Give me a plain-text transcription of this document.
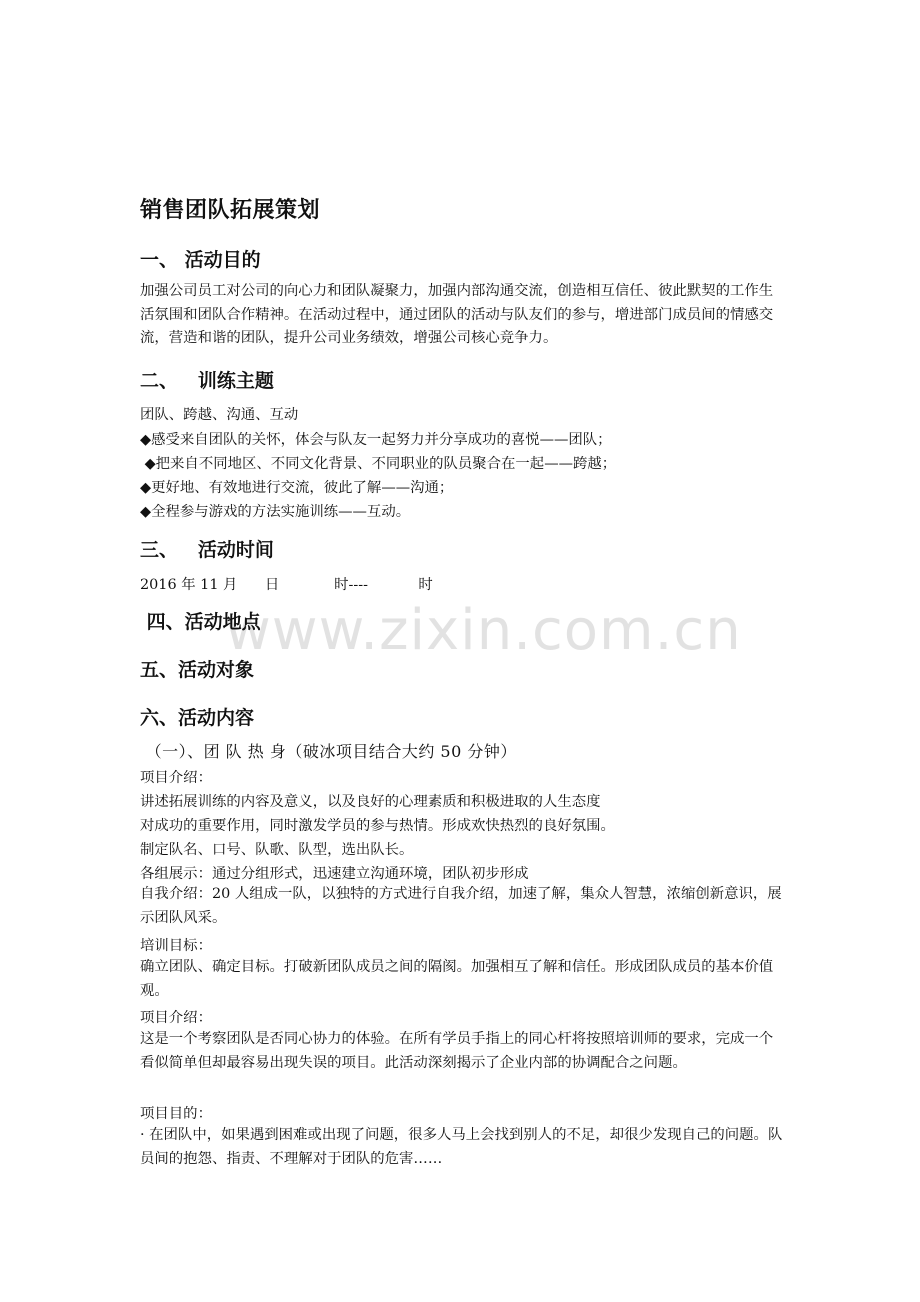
www.zixin.com.cn
销售团队拓展策划
一、 活动目的
加强公司员工对公司的向心力和团队凝聚力，加强内部沟通交流，创造相互信任、彼此默契的工作生活氛围和团队合作精神。在活动过程中，通过团队的活动与队友们的参与，增进部门成员间的情感交流，营造和谐的团队，提升公司业务绩效，增强公司核心竞争力。
二、   训练主题
团队、跨越、沟通、互动
◆感受来自团队的关怀，体会与队友一起努力并分享成功的喜悦——团队；
◆把来自不同地区、不同文化背景、不同职业的队员聚合在一起——跨越；
◆更好地、有效地进行交流，彼此了解——沟通；
◆全程参与游戏的方法实施训练——互动。
三、   活动时间
2016 年 11 月      日            时----           时
四、活动地点
五、活动对象
六、活动内容
（一）、团 队 热 身（破冰项目结合大约 50 分钟）
项目介绍：
讲述拓展训练的内容及意义，以及良好的心理素质和积极进取的人生态度
对成功的重要作用，同时激发学员的参与热情。形成欢快热烈的良好氛围。
制定队名、口号、队歌、队型，选出队长。
各组展示：通过分组形式，迅速建立沟通环境，团队初步形成
自我介绍：20 人组成一队，以独特的方式进行自我介绍，加速了解，集众人智慧，浓缩创新意识，展示团队风采。
培训目标：
确立团队、确定目标。打破新团队成员之间的隔阂。加强相互了解和信任。形成团队成员的基本价值观。
项目介绍：
这是一个考察团队是否同心协力的体验。在所有学员手指上的同心杆将按照培训师的要求，完成一个看似简单但却最容易出现失误的项目。此活动深刻揭示了企业内部的协调配合之问题。
项目目的：
· 在团队中，如果遇到困难或出现了问题，很多人马上会找到别人的不足，却很少发现自己的问题。队员间的抱怨、指责、不理解对于团队的危害……
